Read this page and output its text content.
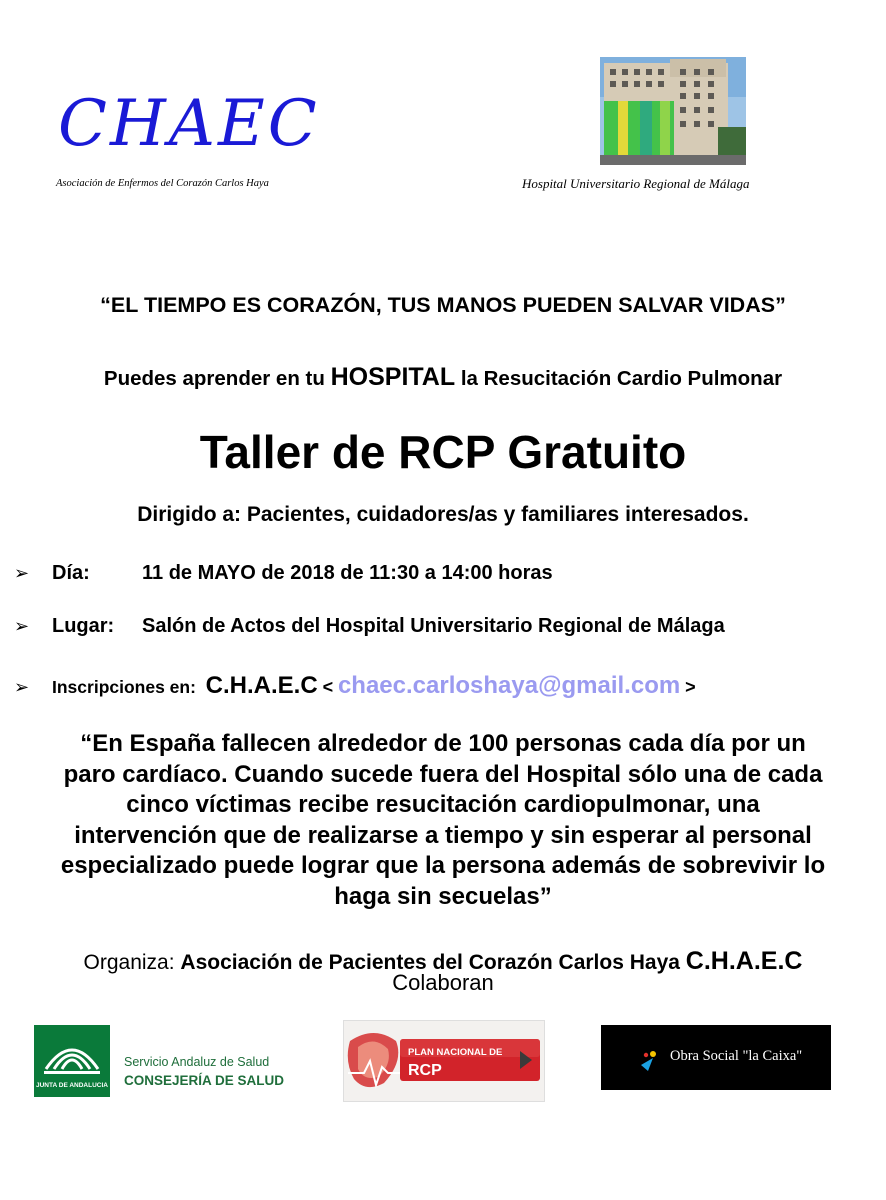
CHAEC
Asociación de Enfermos del Corazón Carlos Haya	Hospital Universitario Regional de Málaga
“EL TIEMPO ES CORAZÓN, TUS MANOS PUEDEN SALVAR VIDAS”
Puedes aprender en tu HOSPITAL la Resucitación Cardio Pulmonar
Taller de RCP Gratuito
Dirigido a: Pacientes, cuidadores/as y familiares interesados.
➢ Día:	11 de MAYO de 2018 de 11:30 a 14:00 horas
➢ Lugar: Salón de Actos del Hospital Universitario Regional de Málaga
➢ Inscripciones en: C.H.A.E.C < chaec.carloshaya@gmail.com >
“En España fallecen alrededor de 100 personas cada día por un
paro cardíaco. Cuando sucede fuera del Hospital sólo una de cada
cinco víctimas recibe resucitación cardiopulmonar, una
intervención que de realizarse a tiempo y sin esperar al personal
especializado puede lograr que la persona además de sobrevivir lo
haga sin secuelas”
Organiza: Asociación de Pacientes del Corazón Carlos Haya C.H.A.E.C
Colaboran
JUNTA DE ANDALUCIA
Servicio Andaluz de Salud
CONSEJERÍA DE SALUD
PLAN NACIONAL DE
RCP
Obra Social "la Caixa"
